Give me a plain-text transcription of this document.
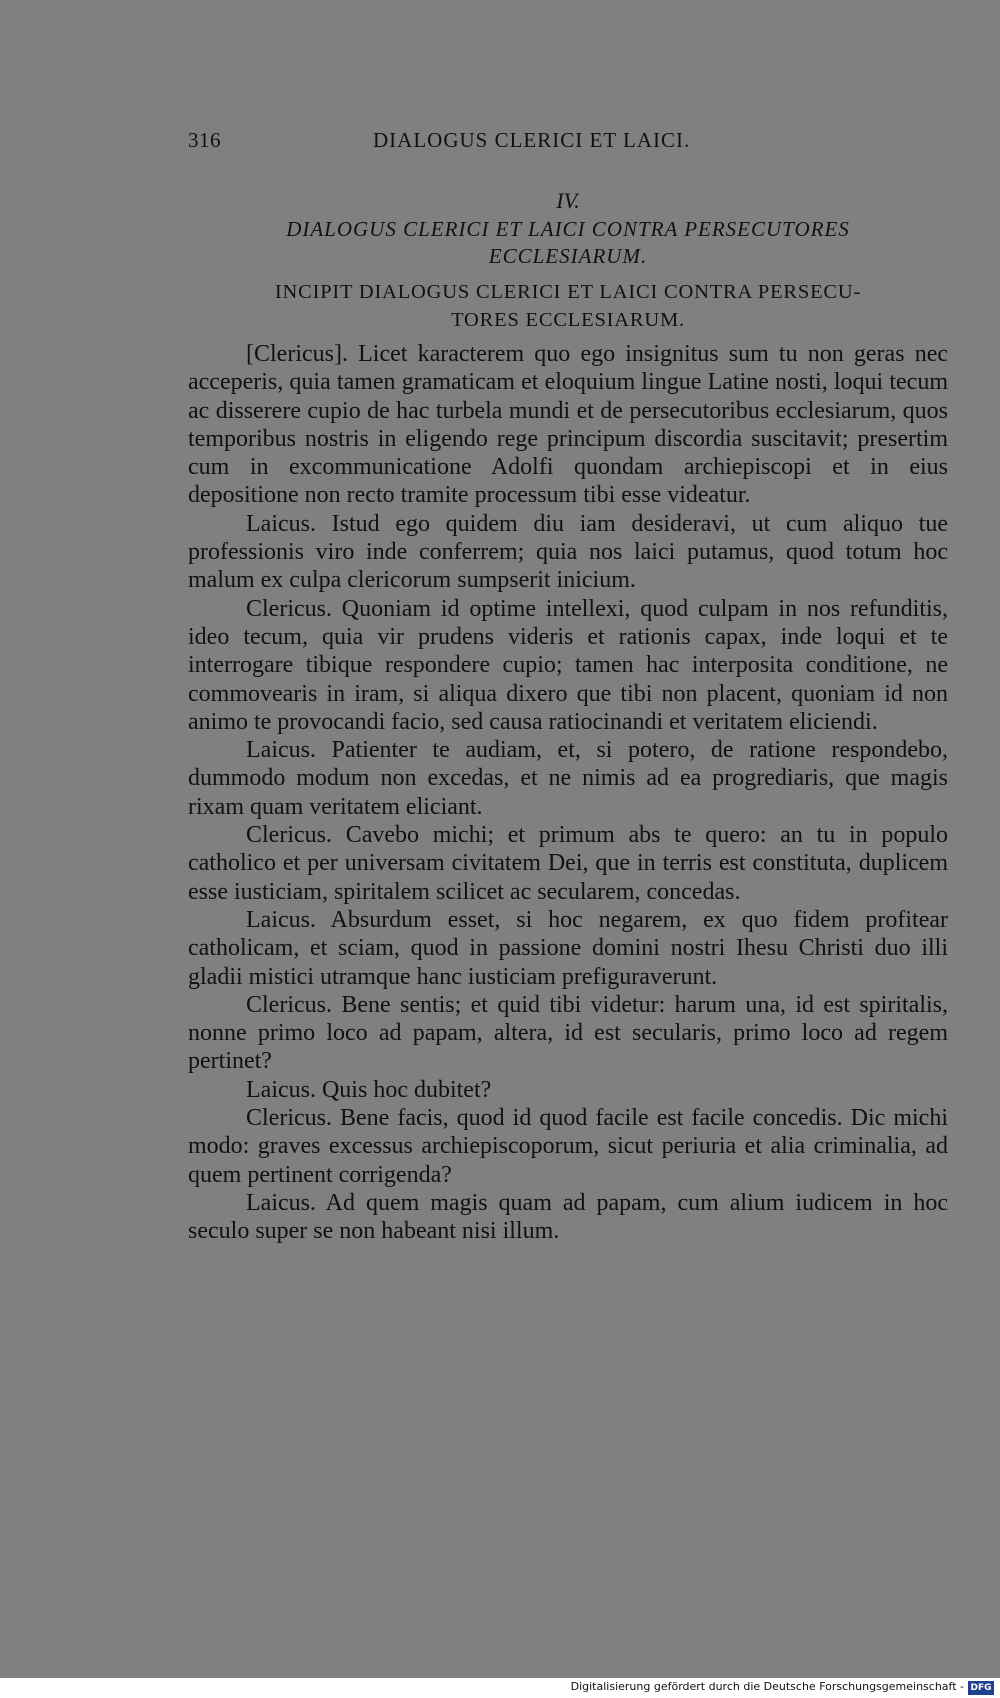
316	DIALOGUS CLERICI ET LAICI.
IV.
DIALOGUS CLERICI ET LAICI CONTRA PERSECUTORES
ECCLESIARUM.
INCIPIT DIALOGUS CLERICI ET LAICI CONTRA PERSECU-
TORES ECCLESIARUM.

[Clericus]. Licet karacterem quo ego insignitus sum tu non geras nec acceperis, quia tamen gramaticam et eloquium lingue Latine nosti, loqui tecum ac disserere cupio de hac turbela mundi et de persecutoribus ecclesiarum, quos temporibus nostris in eligendo rege principum discordia suscitavit; presertim cum in excommunicatione Adolfi quondam archiepiscopi et in eius depositione non recto tramite processum tibi esse videatur.

Laicus. Istud ego quidem diu iam desideravi, ut cum aliquo tue professionis viro inde conferrem; quia nos laici putamus, quod totum hoc malum ex culpa clericorum sumpserit inicium.

Clericus. Quoniam id optime intellexi, quod culpam in nos refunditis, ideo tecum, quia vir prudens videris et rationis capax, inde loqui et te interrogare tibique respondere cupio; tamen hac interposita conditione, ne commovearis in iram, si aliqua dixero que tibi non placent, quoniam id non animo te provocandi facio, sed causa ratiocinandi et veritatem eliciendi.

Laicus. Patienter te audiam, et, si potero, de ratione respondebo, dummodo modum non excedas, et ne nimis ad ea progrediaris, que magis rixam quam veritatem eliciant.

Clericus. Cavebo michi; et primum abs te quero: an tu in populo catholico et per universam civitatem Dei, que in terris est constituta, duplicem esse iusticiam, spiritalem scilicet ac secularem, concedas.

Laicus. Absurdum esset, si hoc negarem, ex quo fidem profitear catholicam, et sciam, quod in passione domini nostri Ihesu Christi duo illi gladii mistici utramque hanc iusticiam prefiguraverunt.

Clericus. Bene sentis; et quid tibi videtur: harum una, id est spiritalis, nonne primo loco ad papam, altera, id est secularis, primo loco ad regem pertinet?

Laicus. Quis hoc dubitet?

Clericus. Bene facis, quod id quod facile est facile concedis. Dic michi modo: graves excessus archiepiscoporum, sicut periuria et alia criminalia, ad quem pertinent corrigenda?

Laicus. Ad quem magis quam ad papam, cum alium iudicem in hoc seculo super se non habeant nisi illum.

Digitalisierung gefördert durch die Deutsche Forschungsgemeinschaft - DFG
